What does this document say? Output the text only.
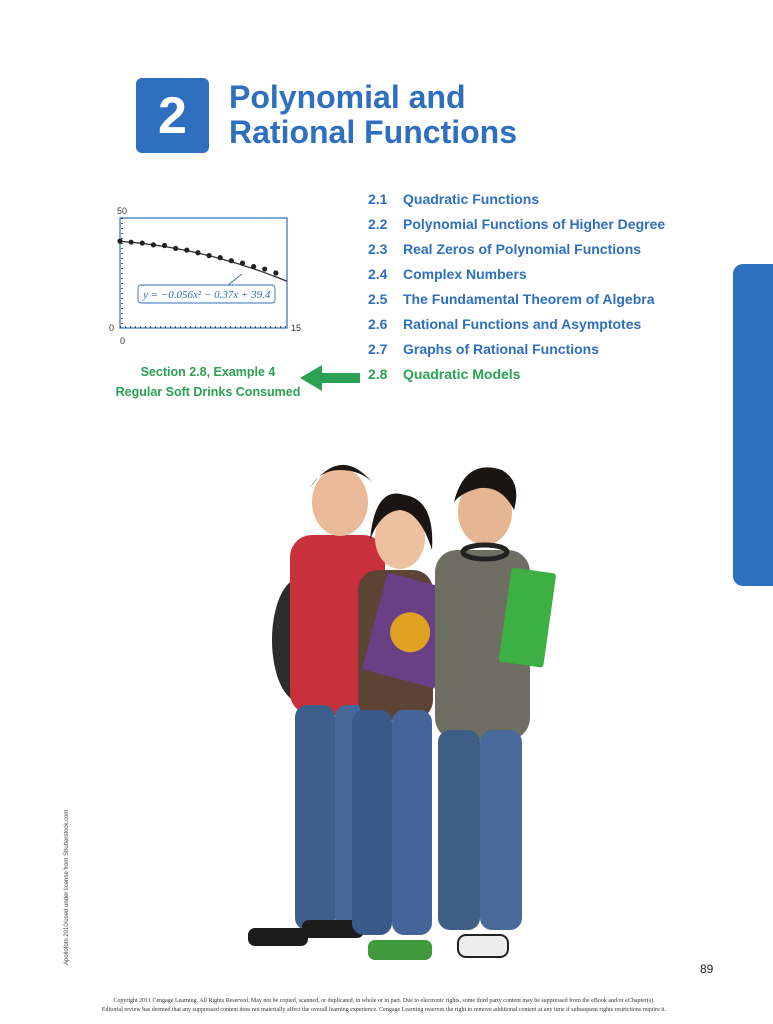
2	Polynomial and
Rational Functions
50
0	15
0
y = −0.056x² − 0.37x + 39.4
Section 2.8, Example 4
Regular Soft Drinks Consumed
2.1 Quadratic Functions
2.2 Polynomial Functions of Higher Degree
2.3 Real Zeros of Polynomial Functions
2.4 Complex Numbers
2.5 The Fundamental Theorem of Algebra
2.6 Rational Functions and Asymptotes
2.7 Graphs of Rational Functions
2.8 Quadratic Models
Apollofoto 2010/used under license from Shutterstock.com
89
Copyright 2011 Cengage Learning. All Rights Reserved. May not be copied, scanned, or duplicated, in whole or in part. Due to electronic rights, some third party content may be suppressed from the eBook and/or eChapter(s).
Editorial review has deemed that any suppressed content does not materially affect the overall learning experience. Cengage Learning reserves the right to remove additional content at any time if subsequent rights restrictions require it.
